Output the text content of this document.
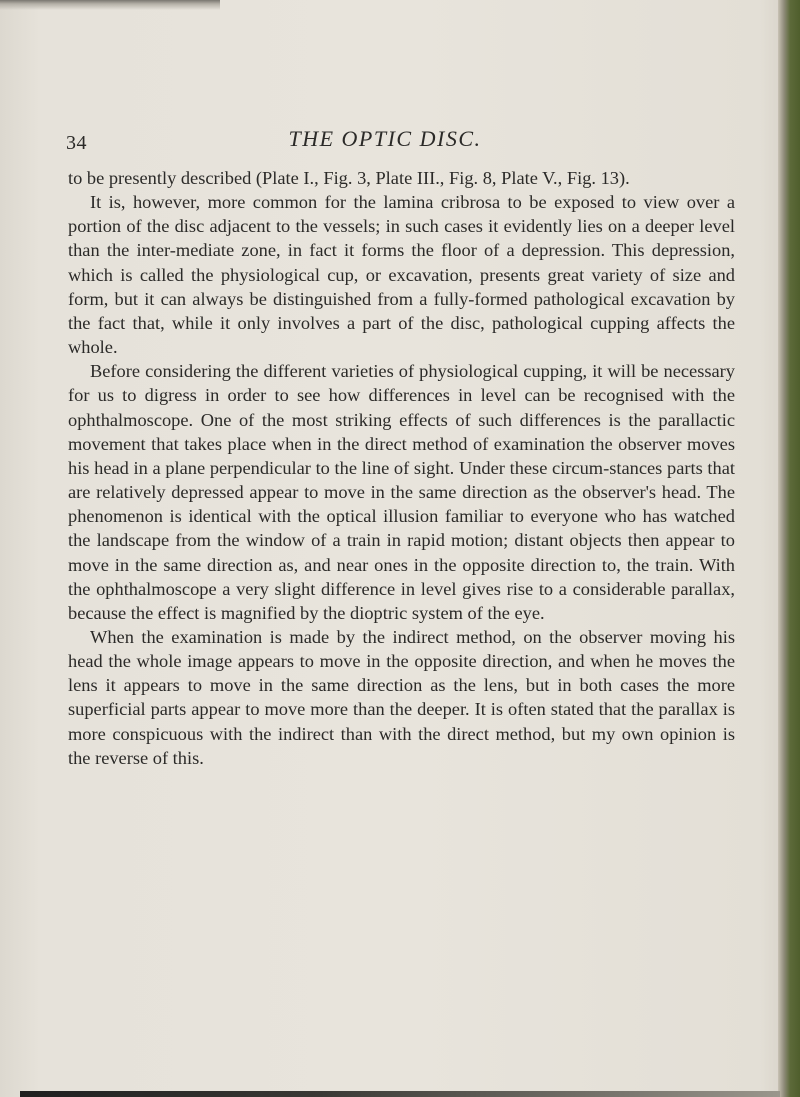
34	THE OPTIC DISC.

to be presently described (Plate I., Fig. 3, Plate III., Fig. 8, Plate V., Fig. 13).

It is, however, more common for the lamina cribrosa to be exposed to view over a portion of the disc adjacent to the vessels; in such cases it evidently lies on a deeper level than the inter-mediate zone, in fact it forms the floor of a depression. This depression, which is called the physiological cup, or excavation, presents great variety of size and form, but it can always be distinguished from a fully-formed pathological excavation by the fact that, while it only involves a part of the disc, pathological cupping affects the whole.

Before considering the different varieties of physiological cupping, it will be necessary for us to digress in order to see how differences in level can be recognised with the ophthalmoscope. One of the most striking effects of such differences is the parallactic movement that takes place when in the direct method of examination the observer moves his head in a plane perpendicular to the line of sight. Under these circum-stances parts that are relatively depressed appear to move in the same direction as the observer's head. The phenomenon is identical with the optical illusion familiar to everyone who has watched the landscape from the window of a train in rapid motion; distant objects then appear to move in the same direction as, and near ones in the opposite direction to, the train. With the ophthalmoscope a very slight difference in level gives rise to a considerable parallax, because the effect is magnified by the dioptric system of the eye.

When the examination is made by the indirect method, on the observer moving his head the whole image appears to move in the opposite direction, and when he moves the lens it appears to move in the same direction as the lens, but in both cases the more superficial parts appear to move more than the deeper. It is often stated that the parallax is more conspicuous with the indirect than with the direct method, but my own opinion is the reverse of this.
